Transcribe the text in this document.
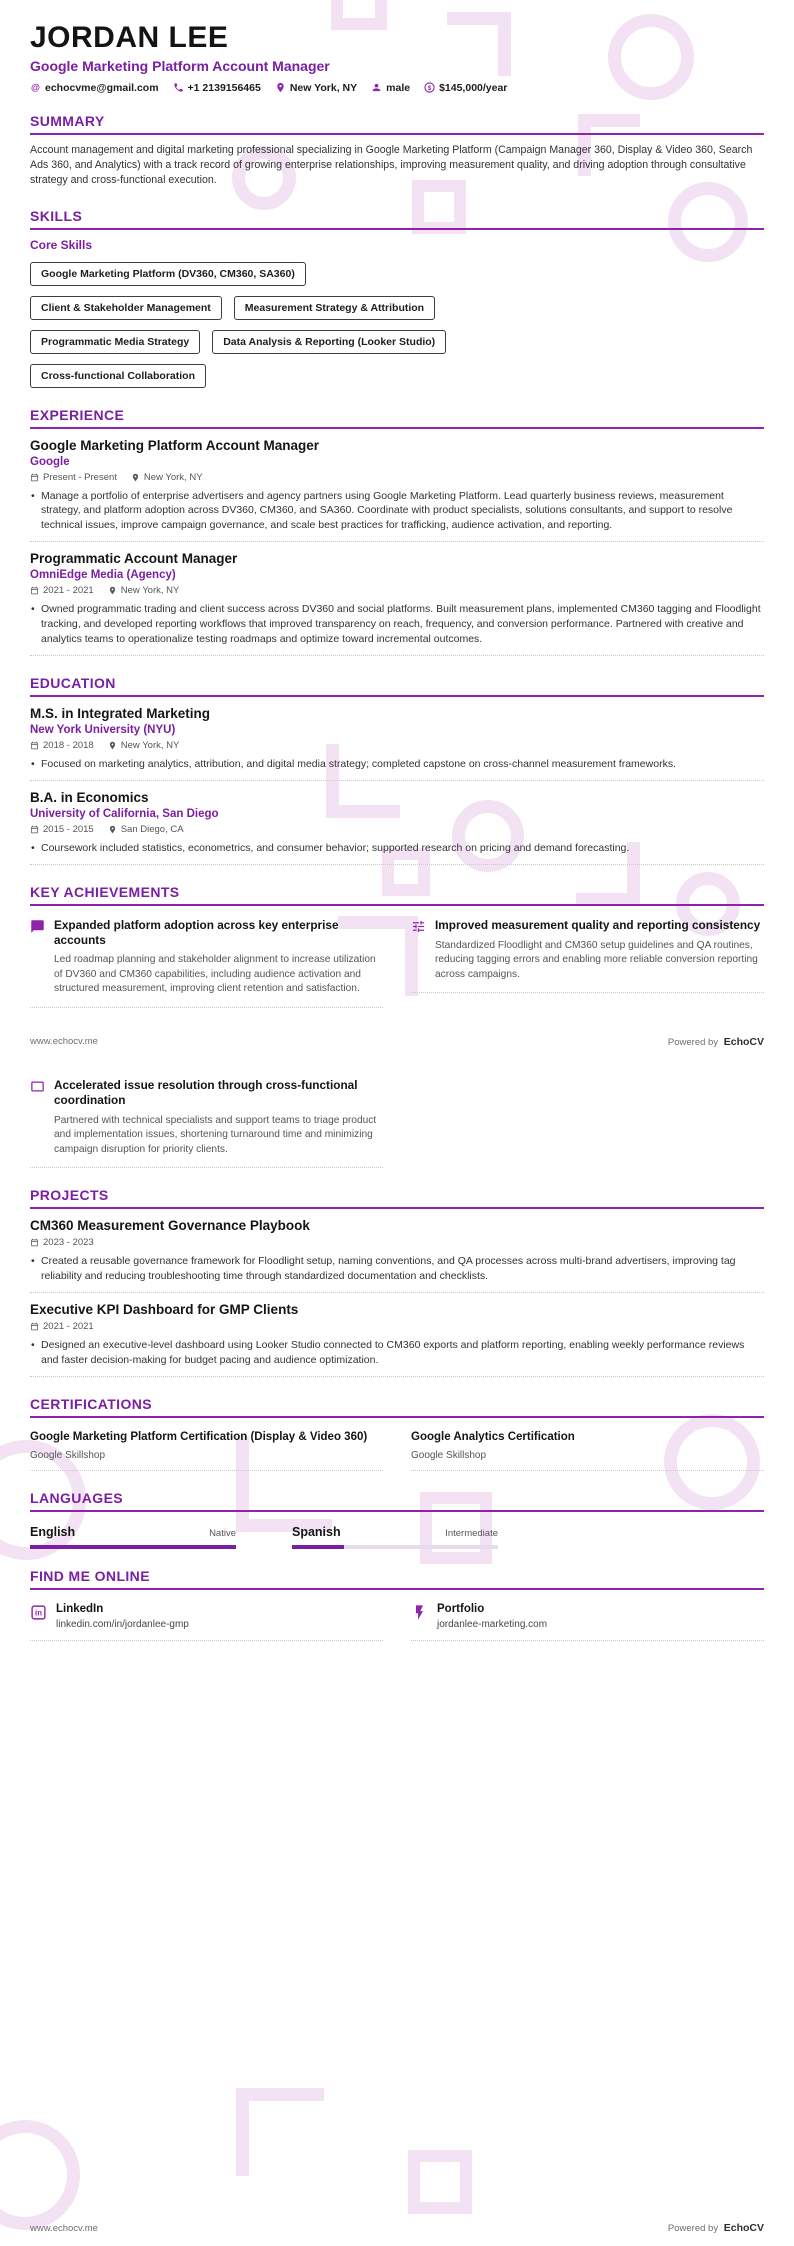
JORDAN LEE
Google Marketing Platform Account Manager
echocvme@gmail.com	+1 2139156465	New York, NY	male	$145,000/year
SUMMARY

Account management and digital marketing professional specializing in Google Marketing Platform (Campaign Manager 360, Display & Video 360, Search Ads 360, and Analytics) with a track record of growing enterprise relationships, improving measurement quality, and driving adoption through consultative strategy and cross-functional execution.

SKILLS
Core Skills
Google Marketing Platform (DV360, CM360, SA360)
Client & Stakeholder Management	Measurement Strategy & Attribution
Programmatic Media Strategy	Data Analysis & Reporting (Looker Studio)
Cross-functional Collaboration
EXPERIENCE
Google Marketing Platform Account Manager
Google
Present - Present	New York, NY
• Manage a portfolio of enterprise advertisers and agency partners using Google Marketing Platform. Lead quarterly business reviews, measurement strategy, and platform adoption across DV360, CM360, and SA360. Coordinate with product specialists, solutions consultants, and support to resolve technical issues, improve campaign governance, and scale best practices for trafficking, audience activation, and reporting.
Programmatic Account Manager
OmniEdge Media (Agency)
2021 - 2021	New York, NY
• Owned programmatic trading and client success across DV360 and social platforms. Built measurement plans, implemented CM360 tagging and Floodlight tracking, and developed reporting workflows that improved transparency on reach, frequency, and conversion performance. Partnered with creative and analytics teams to operationalize testing roadmaps and optimize toward incremental outcomes.
EDUCATION
M.S. in Integrated Marketing
New York University (NYU)
2018 - 2018	New York, NY
• Focused on marketing analytics, attribution, and digital media strategy; completed capstone on cross-channel measurement frameworks.
B.A. in Economics
University of California, San Diego
2015 - 2015	San Diego, CA
• Coursework included statistics, econometrics, and consumer behavior; supported research on pricing and demand forecasting.
KEY ACHIEVEMENTS
Expanded platform adoption across key enterprise accounts

Led roadmap planning and stakeholder alignment to increase utilization of DV360 and CM360 capabilities, including audience activation and structured measurement, improving client retention and satisfaction.

Improved measurement quality and reporting consistency

Standardized Floodlight and CM360 setup guidelines and QA routines, reducing tagging errors and enabling more reliable conversion reporting across campaigns.

www.echocv.me	Powered by EchoCV
Accelerated issue resolution through cross-functional coordination

Partnered with technical specialists and support teams to triage product and implementation issues, shortening turnaround time and minimizing campaign disruption for priority clients.

PROJECTS
CM360 Measurement Governance Playbook
2023 - 2023
• Created a reusable governance framework for Floodlight setup, naming conventions, and QA processes across multi-brand advertisers, improving tag reliability and reducing troubleshooting time through standardized documentation and checklists.
Executive KPI Dashboard for GMP Clients
2021 - 2021
• Designed an executive-level dashboard using Looker Studio connected to CM360 exports and platform reporting, enabling weekly performance reviews and faster decision-making for budget pacing and audience optimization.
CERTIFICATIONS
Google Marketing Platform Certification (Display & Video 360)
Google Skillshop
Google Analytics Certification
Google Skillshop
LANGUAGES
English	Native	Spanish	Intermediate
FIND ME ONLINE
LinkedIn
linkedin.com/in/jordanlee-gmp
Portfolio
jordanlee-marketing.com
www.echocv.me	Powered by EchoCV
